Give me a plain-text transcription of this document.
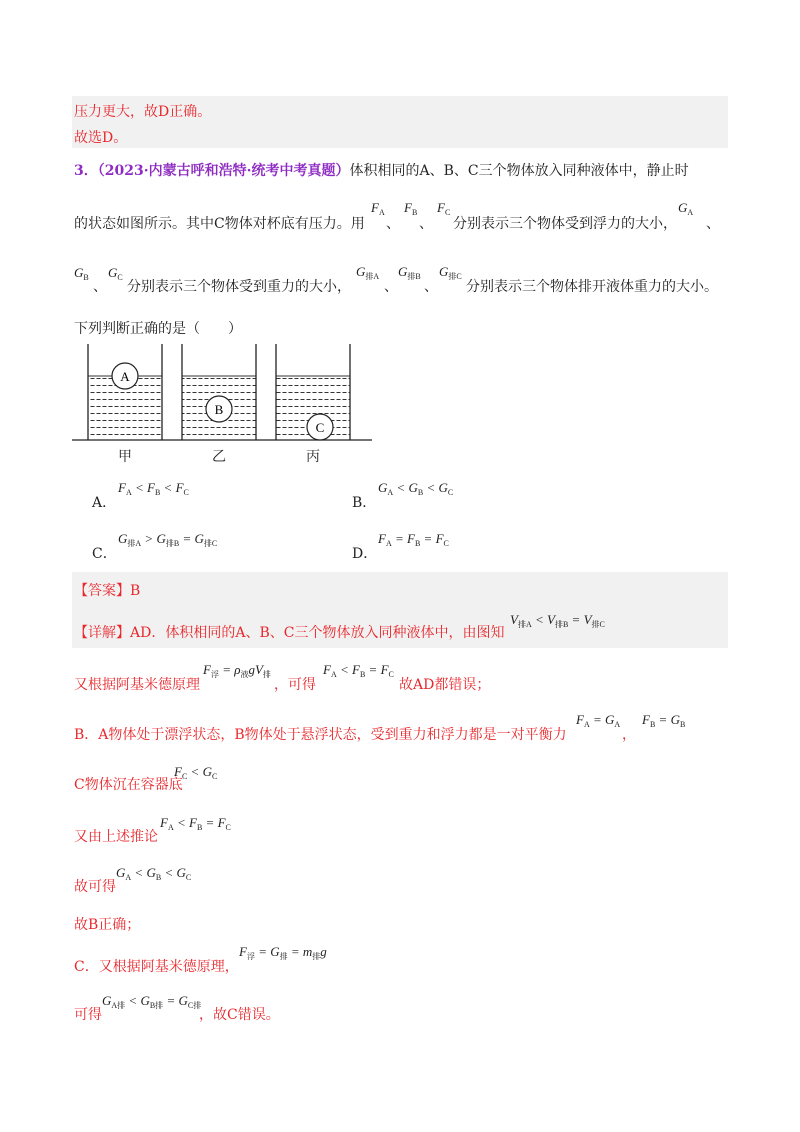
压力更大，故D正确。
故选D。
3．（2023·内蒙古呼和浩特·统考中考真题）体积相同的A、B、C三个物体放入同种液体中，静止时
的状态如图所示。其中C物体对杯底有压力。用
$F_A$
、
$F_B$
、
$F_C$
分别表示三个物体受到浮力的大小，
$G_A$
、
$G_B$
、
$G_C$
分别表示三个物体受到重力的大小，
$G_{排A}$
、
$G_{排B}$
、
$G_{排C}$
分别表示三个物体排开液体重力的大小。
下列判断正确的是（　　）
A
B
C
甲	乙	丙
A．
$F_A < F_B < F_C$
B．
$G_A < G_B < G_C$
C．
$G_{排A} > G_{排B} = G_{排C}$
D．
$F_A = F_B = F_C$
【答案】B
【详解】AD．体积相同的A、B、C三个物体放入同种液体中，由图知
$V_{排A} < V_{排B} = V_{排C}$
又根据阿基米德原理
$F_浮 = \rho_液gV_排$
，可得
$F_A < F_B = F_C$
故AD都错误；
B．A物体处于漂浮状态，B物体处于悬浮状态，受到重力和浮力都是一对平衡力
$F_A = G_A$
，
$F_B = G_B$
C物体沉在容器底
$F_C < G_C$
又由上述推论
$F_A < F_B = F_C$
故可得
$G_A < G_B < G_C$
故B正确；
C．又根据阿基米德原理，
$F_浮 = G_排 = m_排g$
可得
$G_{A排} < G_{B排} = G_{C排}$
，故C错误。
